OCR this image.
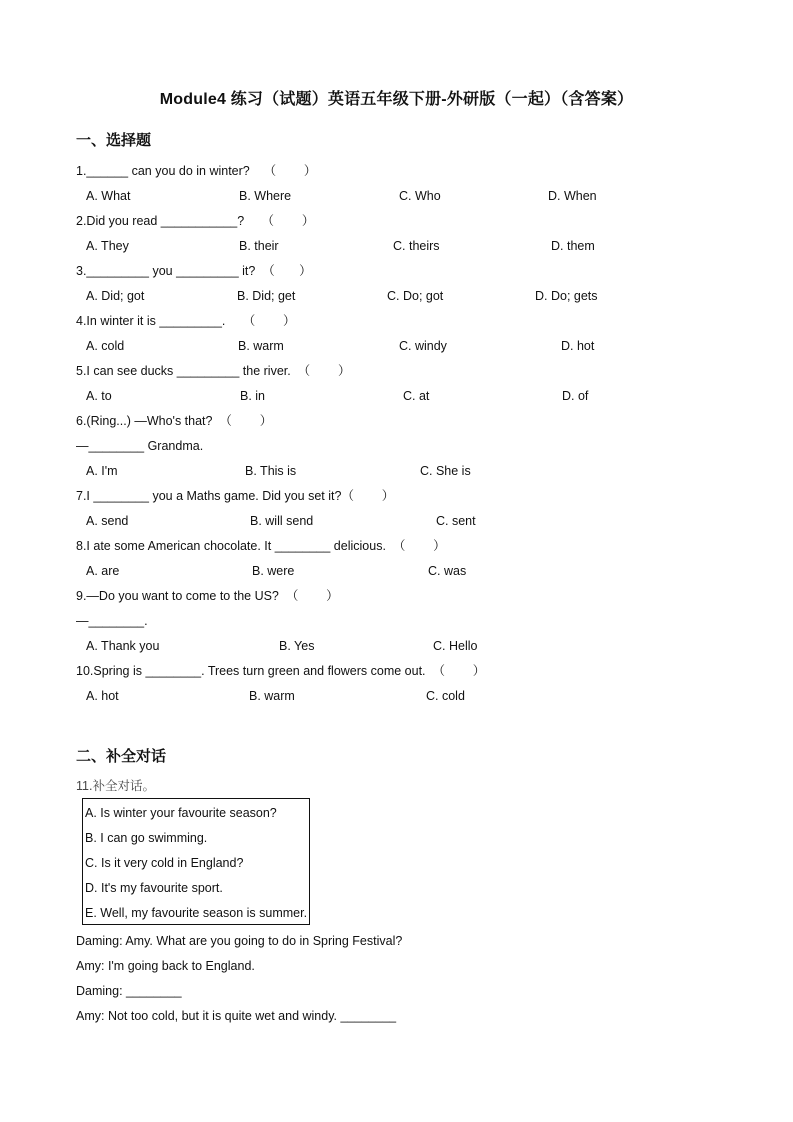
Module4 练习（试题）英语五年级下册-外研版（一起）（含答案）
一、选择题
1.______ can you do in winter?    （        ）
A. What	B. Where	C. Who	D. When
2.Did you read ___________?     （        ）
A. They	B. their	C. theirs	D. them
3._________ you _________ it?  （       ）
A. Did; got	B. Did; get	C. Do; got	D. Do; gets
4.In winter it is _________.     （        ）
A. cold	B. warm	C. windy	D. hot
5.I can see ducks _________ the river.  （        ）
A. to	B. in	C. at	D. of
6.(Ring...) —Who's that?  （        ）
—________ Grandma.
A. I'm	B. This is	C. She is
7.I ________ you a Maths game. Did you set it?（        ）
A. send	B. will send	C. sent
8.I ate some American chocolate. It ________ delicious.  （        ）
A. are	B. were	C. was
9.—Do you want to come to the US?  （        ）
—________.
A. Thank you	B. Yes	C. Hello
10.Spring is ________. Trees turn green and flowers come out.  （        ）
A. hot	B. warm	C. cold
二、补全对话
11.补全对话。
A. Is winter your favourite season?
B. I can go swimming.
C. Is it very cold in England?
D. It's my favourite sport.
E. Well, my favourite season is summer.
Daming: Amy. What are you going to do in Spring Festival?
Amy: I'm going back to England.
Daming: ________
Amy: Not too cold, but it is quite wet and windy. ________
